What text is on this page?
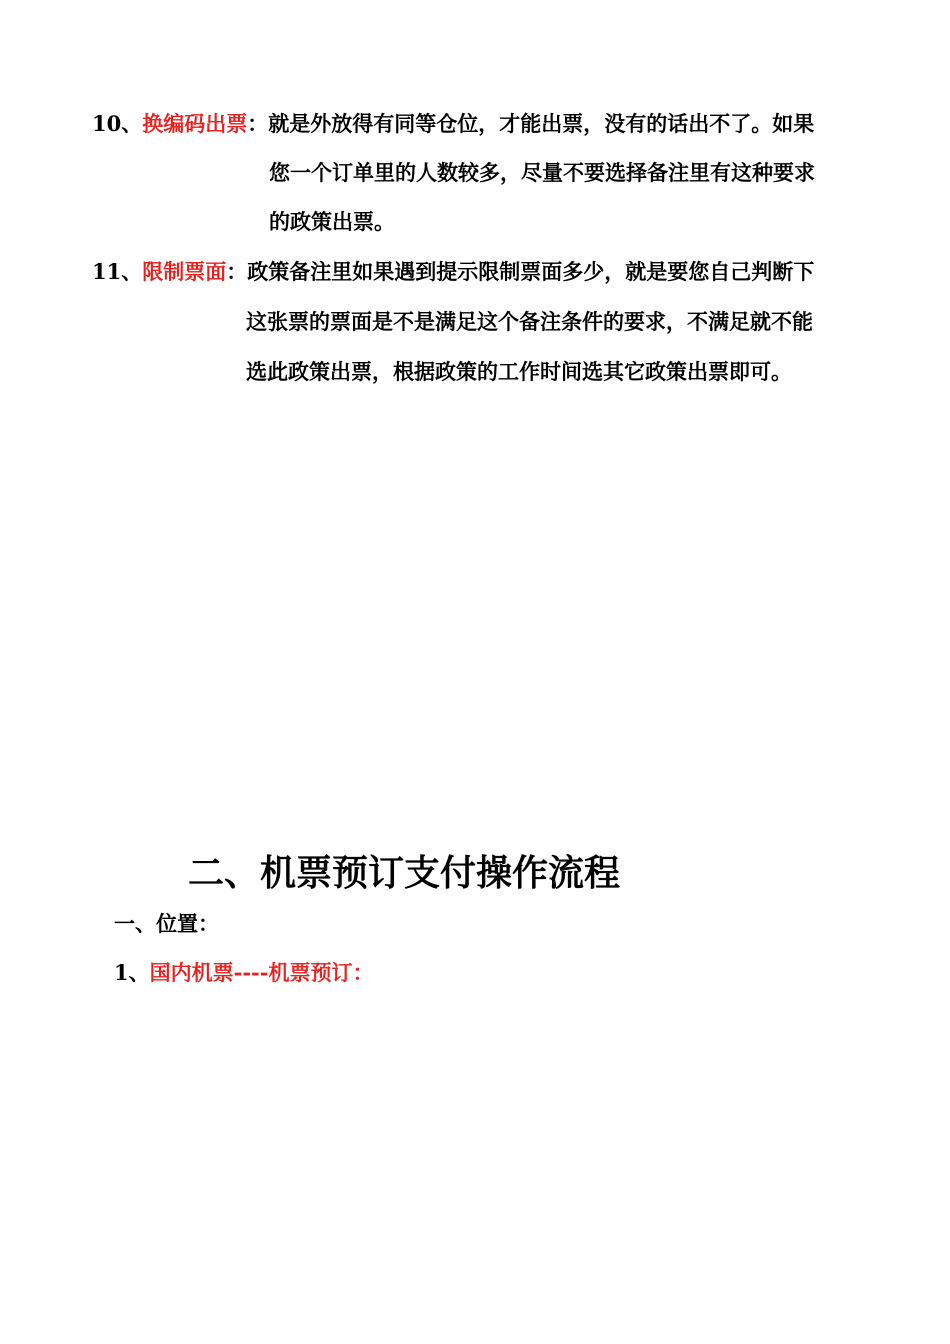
10、换编码出票：就是外放得有同等仓位，才能出票，没有的话出不了。如果
您一个订单里的人数较多，尽量不要选择备注里有这种要求
的政策出票。
11、限制票面：政策备注里如果遇到提示限制票面多少，就是要您自己判断下
这张票的票面是不是满足这个备注条件的要求，不满足就不能
选此政策出票，根据政策的工作时间选其它政策出票即可。
二、机票预订支付操作流程
一、位置：
1、国内机票----机票预订：
